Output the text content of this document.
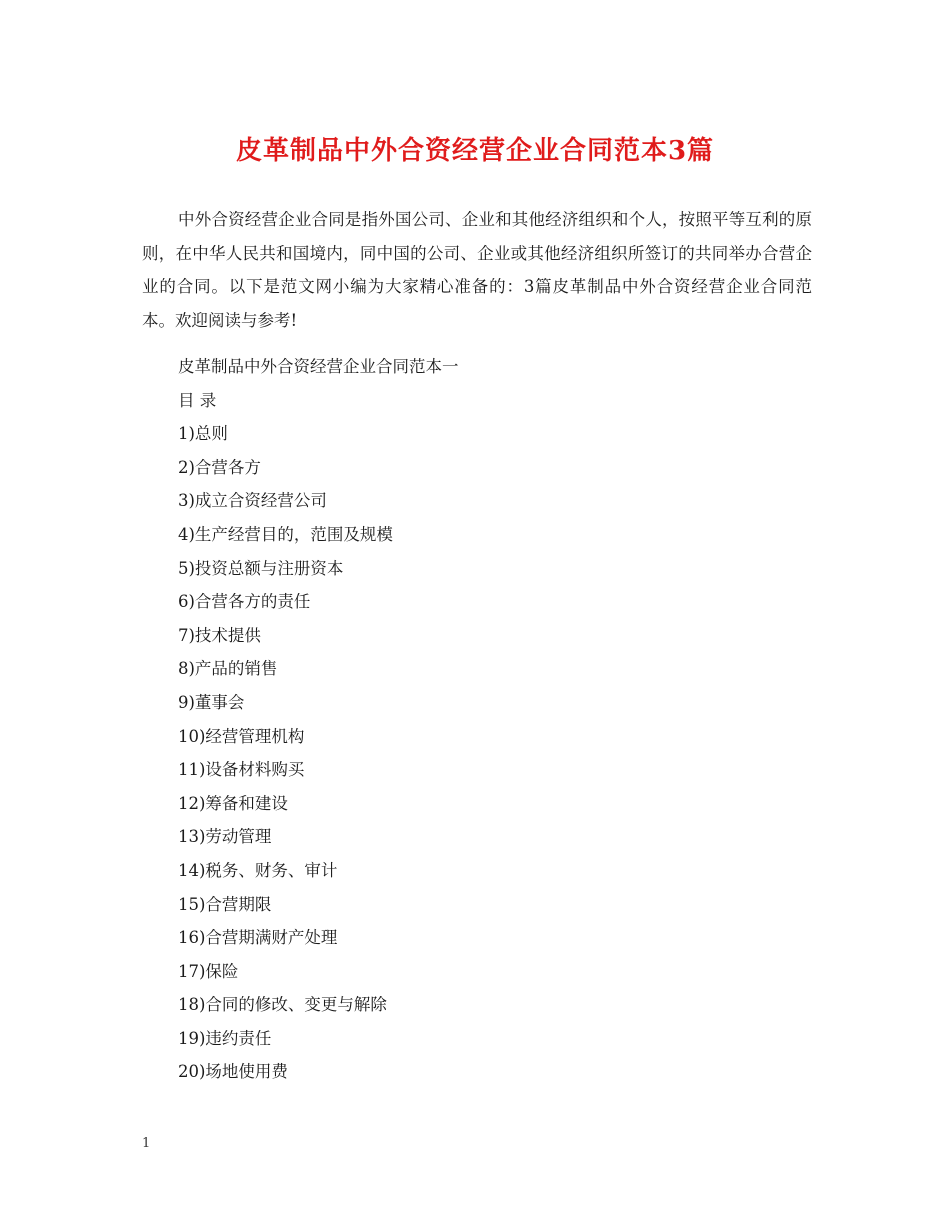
皮革制品中外合资经营企业合同范本3篇

中外合资经营企业合同是指外国公司、企业和其他经济组织和个人，按照平等互利的原则，在中华人民共和国境内，同中国的公司、企业或其他经济组织所签订的共同举办合营企业的合同。以下是范文网小编为大家精心准备的：3篇皮革制品中外合资经营企业合同范本。欢迎阅读与参考!

皮革制品中外合资经营企业合同范本一
目 录
1)总则
2)合营各方
3)成立合资经营公司
4)生产经营目的，范围及规模
5)投资总额与注册资本
6)合营各方的责任
7)技术提供
8)产品的销售
9)董事会
10)经营管理机构
11)设备材料购买
12)筹备和建设
13)劳动管理
14)税务、财务、审计
15)合营期限
16)合营期满财产处理
17)保险
18)合同的修改、变更与解除
19)违约责任
20)场地使用费
1
